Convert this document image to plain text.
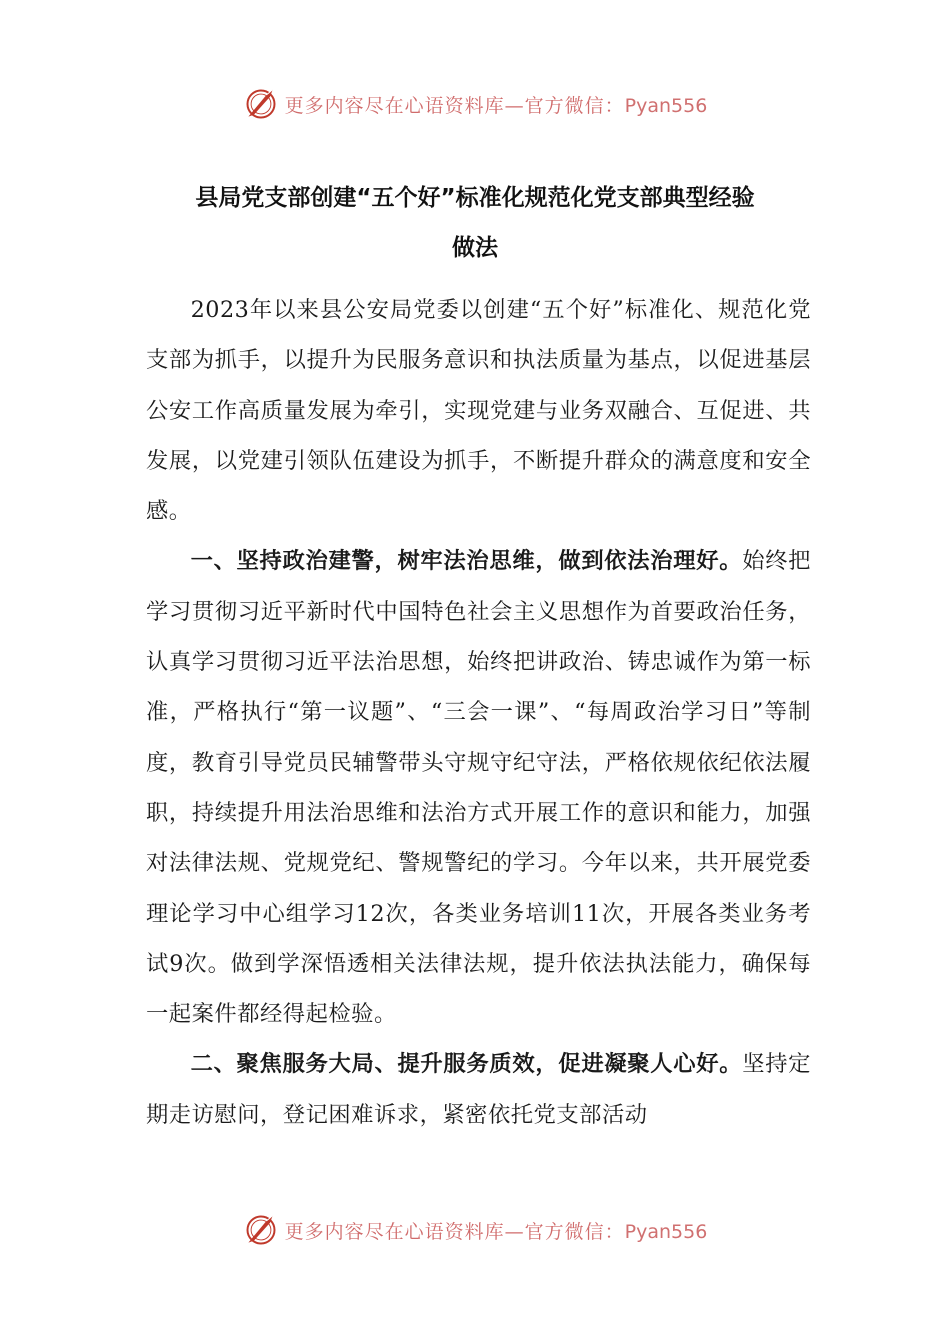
更多内容尽在心语资料库—官方微信：Pyan556
县局党支部创建“五个好”标准化规范化党支部典型经验
做法

2023年以来县公安局党委以创建“五个好”标准化、规范化党支部为抓手，以提升为民服务意识和执法质量为基点，以促进基层公安工作高质量发展为牵引，实现党建与业务双融合、互促进、共发展，以党建引领队伍建设为抓手，不断提升群众的满意度和安全感。

一、坚持政治建警，树牢法治思维，做到依法治理好。始终把学习贯彻习近平新时代中国特色社会主义思想作为首要政治任务，认真学习贯彻习近平法治思想，始终把讲政治、铸忠诚作为第一标准，严格执行“第一议题”、“三会一课”、“每周政治学习日”等制度，教育引导党员民辅警带头守规守纪守法，严格依规依纪依法履职，持续提升用法治思维和法治方式开展工作的意识和能力，加强对法律法规、党规党纪、警规警纪的学习。今年以来，共开展党委理论学习中心组学习12次，各类业务培训11次，开展各类业务考试9次。做到学深悟透相关法律法规，提升依法执法能力，确保每一起案件都经得起检验。

二、聚焦服务大局、提升服务质效，促进凝聚人心好。坚持定期走访慰问，登记困难诉求，紧密依托党支部活动

更多内容尽在心语资料库—官方微信：Pyan556
